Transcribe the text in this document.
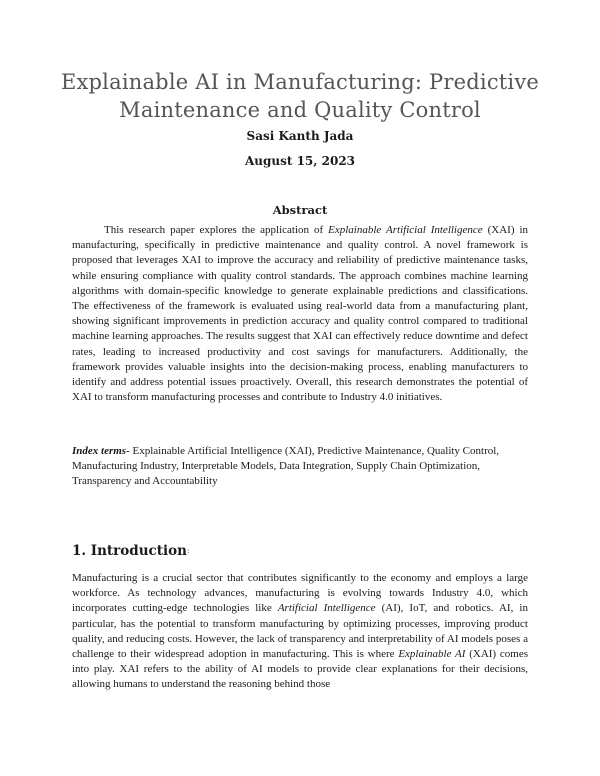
Explainable AI in Manufacturing: Predictive
Maintenance and Quality Control
Sasi Kanth Jada
August 15, 2023
Abstract

This research paper explores the application of Explainable Artificial Intelligence (XAI) in manufacturing, specifically in predictive maintenance and quality control. A novel framework is proposed that leverages XAI to improve the accuracy and reliability of predictive maintenance tasks, while ensuring compliance with quality control standards. The approach combines machine learning algorithms with domain-specific knowledge to generate explainable predictions and classifications. The effectiveness of the framework is evaluated using real-world data from a manufacturing plant, showing significant improvements in prediction accuracy and quality control compared to traditional machine learning approaches. The results suggest that XAI can effectively reduce downtime and defect rates, leading to increased productivity and cost savings for manufacturers. Additionally, the framework provides valuable insights into the decision-making process, enabling manufacturers to identify and address potential issues proactively. Overall, this research demonstrates the potential of XAI to transform manufacturing processes and contribute to Industry 4.0 initiatives.

Index terms- Explainable Artificial Intelligence (XAI), Predictive Maintenance, Quality Control, Manufacturing Industry, Interpretable Models, Data Integration, Supply Chain Optimization, Transparency and Accountability

1. Introduction:

Manufacturing is a crucial sector that contributes significantly to the economy and employs a large workforce. As technology advances, manufacturing is evolving towards Industry 4.0, which incorporates cutting-edge technologies like Artificial Intelligence (AI), IoT, and robotics. AI, in particular, has the potential to transform manufacturing by optimizing processes, improving product quality, and reducing costs. However, the lack of transparency and interpretability of AI models poses a challenge to their widespread adoption in manufacturing. This is where Explainable AI (XAI) comes into play. XAI refers to the ability of AI models to provide clear explanations for their decisions, allowing humans to understand the reasoning behind those
